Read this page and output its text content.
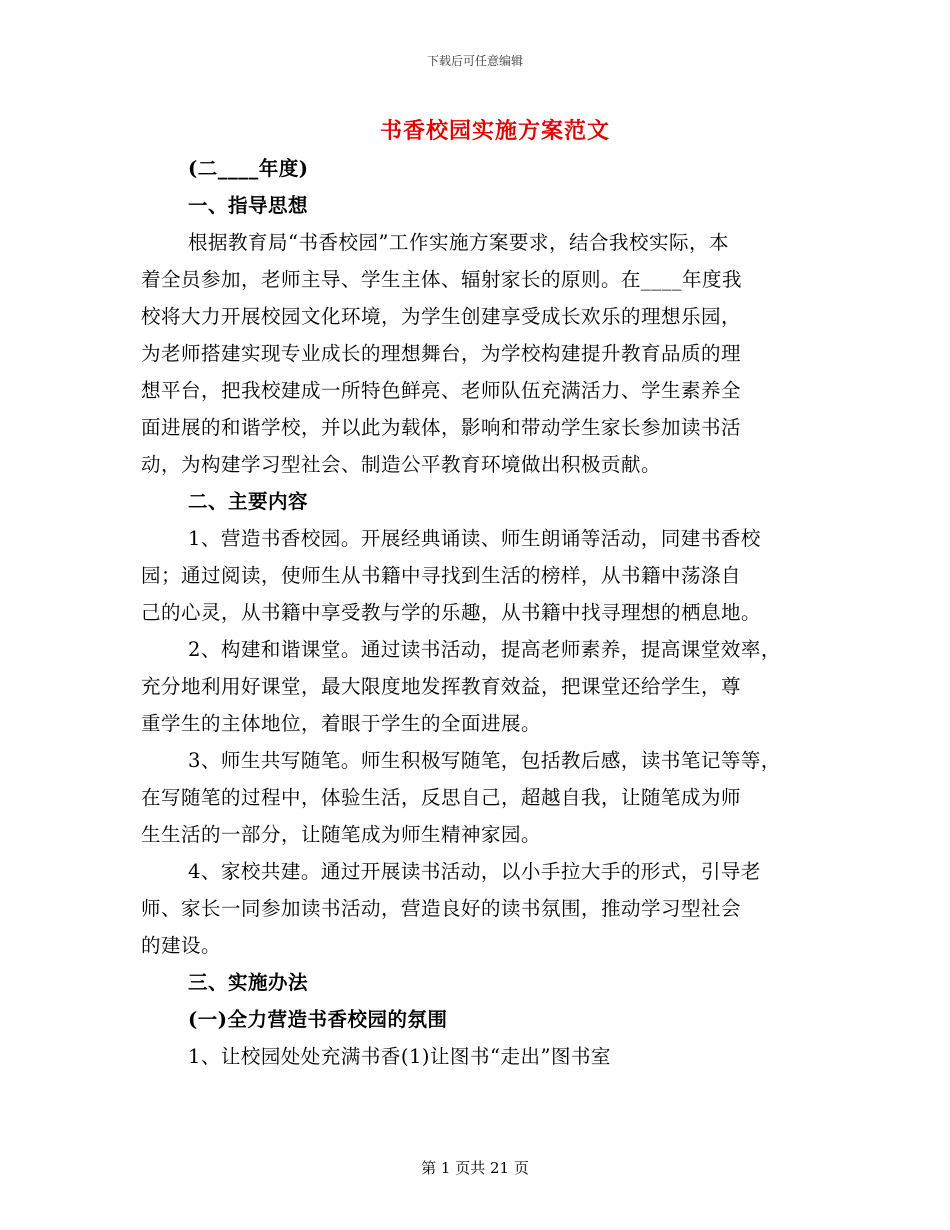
下载后可任意编辑
书香校园实施方案范文
(二____年度)
一、指导思想
根据教育局“书香校园”工作实施方案要求，结合我校实际，本
着全员参加，老师主导、学生主体、辐射家长的原则。在____年度我
校将大力开展校园文化环境，为学生创建享受成长欢乐的理想乐园，
为老师搭建实现专业成长的理想舞台，为学校构建提升教育品质的理
想平台，把我校建成一所特色鲜亮、老师队伍充满活力、学生素养全
面进展的和谐学校，并以此为载体，影响和带动学生家长参加读书活
动，为构建学习型社会、制造公平教育环境做出积极贡献。
二、主要内容
1、营造书香校园。开展经典诵读、师生朗诵等活动，同建书香校
园；通过阅读，使师生从书籍中寻找到生活的榜样，从书籍中荡涤自
己的心灵，从书籍中享受教与学的乐趣，从书籍中找寻理想的栖息地。
2、构建和谐课堂。通过读书活动，提高老师素养，提高课堂效率，
充分地利用好课堂，最大限度地发挥教育效益，把课堂还给学生，尊
重学生的主体地位，着眼于学生的全面进展。
3、师生共写随笔。师生积极写随笔，包括教后感，读书笔记等等，
在写随笔的过程中，体验生活，反思自己，超越自我，让随笔成为师
生生活的一部分，让随笔成为师生精神家园。
4、家校共建。通过开展读书活动，以小手拉大手的形式，引导老
师、家长一同参加读书活动，营造良好的读书氛围，推动学习型社会
的建设。
三、实施办法
(一)全力营造书香校园的氛围
1、让校园处处充满书香(1)让图书“走出”图书室
第 1 页共 21 页
